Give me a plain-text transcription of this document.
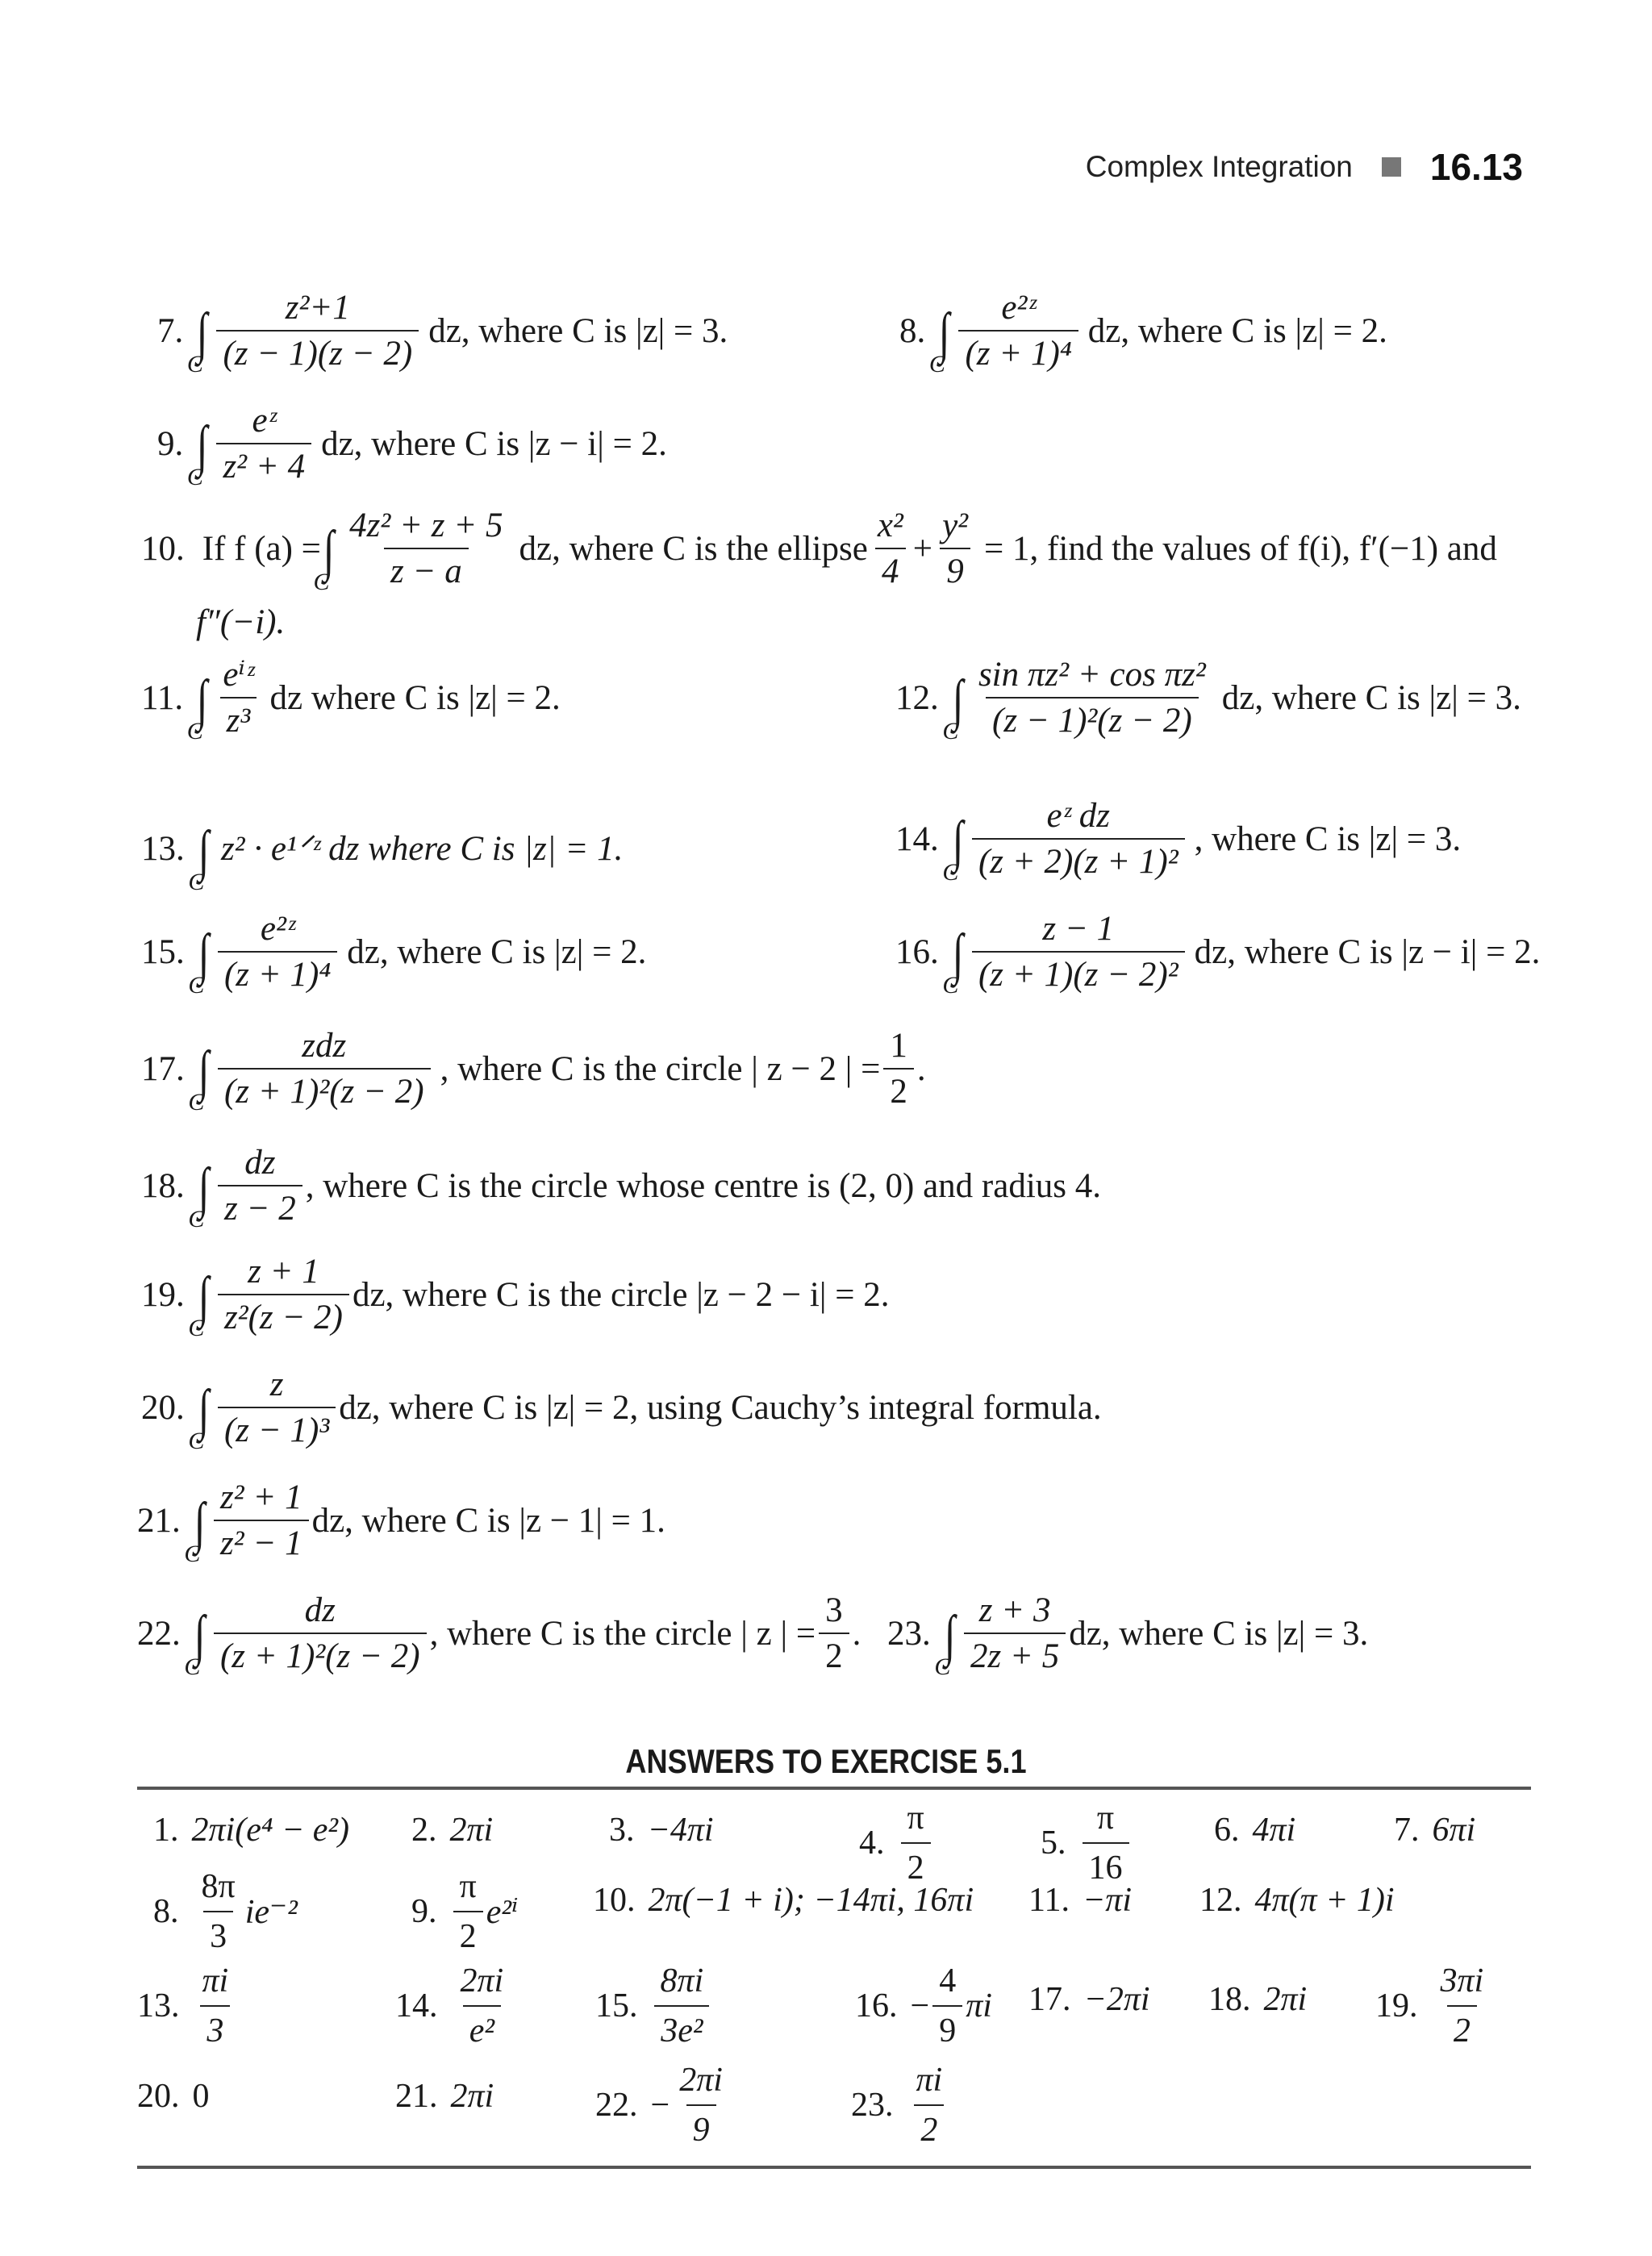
Complex Integration 16.13
7. ∫
C $\frac{\text{z²+1}}{(z - 1)(z - 2)}$ dz, where C is |z| = 3.	8. ∫
C $\frac{\text{e²ᶻ}}{\text{(z + 1)⁴}}$ dz, where C is |z| = 2.
9. ∫
C $\frac{\text{eᶻ}}{\text{z² + 4}}$ dz, where C is |z − i| = 2.
10. If f (a) = ∫
C $\frac{\text{4z² + z + 5}}{z - a}$ dz, where C is the ellipse $\frac{\text{x²}}{4} + \frac{\text{y²}}{9} = 1$, find the values of f(i), f′(−1) and
f″(−i).
11. ∫
C $\frac{\text{eⁱᶻ}}{\text{z³}}$ dz where C is |z| = 2.	12. ∫
C $\frac{\text{sin πz² + cos πz²}}{\text{(z − 1)²(z − 2)}}$ dz, where C is |z| = 3.
13. ∫
C
z² · e¹ᐟᶻ dz where C is |z| = 1.	14. ∫
C $\frac{\text{eᶻ dz}}{\text{(z + 2)(z + 1)²}}$ , where C is |z| = 3.
15. ∫
C $\frac{\text{e²ᶻ}}{\text{(z + 1)⁴}}$ dz, where C is |z| = 2.	16. ∫
C $\frac{z - 1}{\text{(z + 1)(z − 2)²}}$ dz, where C is |z − i| = 2.
17. ∫
C $\frac{\text{zdz}}{\text{(z + 1)²(z − 2)}}$ , where C is the circle | z − 2 | = $\frac{1}{2}$ .
18. ∫
C $\frac{dz}{z - 2}$ , where C is the circle whose centre is (2, 0) and radius 4.
19. ∫
C $\frac{z + 1}{\text{z²(z − 2)}}$ dz, where C is the circle |z − 2 − i| = 2.
20. ∫
C $\frac{z}{\text{(z − 1)³}}$ dz, where C is |z| = 2, using Cauchy’s integral formula.
21. ∫
C $\frac{\text{z² + 1}}{\text{z² − 1}}$ dz, where C is |z − 1| = 1.
22. ∫
C $\frac{dz}{\text{(z + 1)²(z − 2)}}$ , where C is the circle | z | = $\frac{3}{2}$ . 23. ∫
C $\frac{z + 3}{2z + 5}$ dz, where C is |z| = 3.
ANSWERS TO EXERCISE 5.1
1. 2πi(e⁴ − e²) 2. 2πi	3. −4πi	4. $\frac{\pi}{2}$	5. $\frac{\pi}{16}$	6. 4πi	7. 6πi
8. $\frac{8\pi}{3} ie^{-2}$	9. $\frac{\pi}{2} e^{2i}$ 10. 2π(−1 + i); −14πi, 16πi 11. −πi 12. 4π(π + 1)i
13. $\frac{\pi i}{3}$	14. $\frac{2\pi i}{\text{e²}}$	15. $\frac{8\pi i}{\text{3e²}}$	16. − $\frac{4}{9}$ πi 17. −2πi 18. 2πi 19. $\frac{3\pi i}{2}$
20. 0	21. 2πi	22. − $\frac{2\pi i}{9}$	23. $\frac{\pi i}{2}$
